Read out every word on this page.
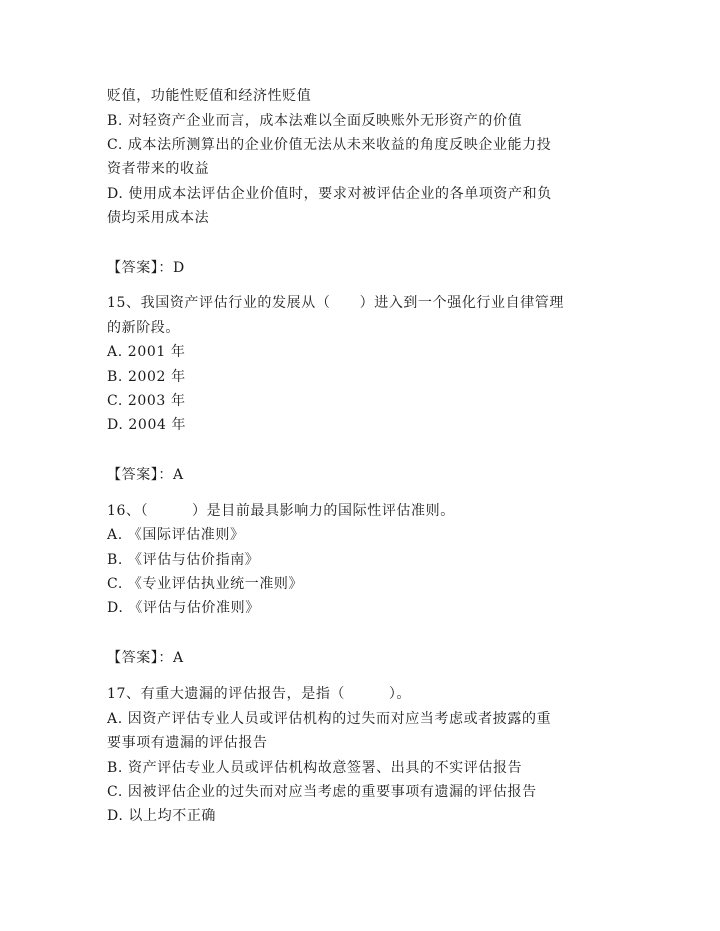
贬值，功能性贬值和经济性贬值
B. 对轻资产企业而言，成本法难以全面反映账外无形资产的价值
C. 成本法所测算出的企业价值无法从未来收益的角度反映企业能力投
资者带来的收益
D. 使用成本法评估企业价值时，要求对被评估企业的各单项资产和负
债均采用成本法
【答案】：D
15、我国资产评估行业的发展从（　　）进入到一个强化行业自律管理
的新阶段。
A. 2001 年
B. 2002 年
C. 2003 年
D. 2004 年
【答案】：A
16、（　　　）是目前最具影响力的国际性评估准则。
A. 《国际评估准则》
B. 《评估与估价指南》
C. 《专业评估执业统一准则》
D. 《评估与估价准则》
【答案】：A
17、有重大遗漏的评估报告，是指（　　　）。
A. 因资产评估专业人员或评估机构的过失而对应当考虑或者披露的重
要事项有遗漏的评估报告
B. 资产评估专业人员或评估机构故意签署、出具的不实评估报告
C. 因被评估企业的过失而对应当考虑的重要事项有遗漏的评估报告
D. 以上均不正确
